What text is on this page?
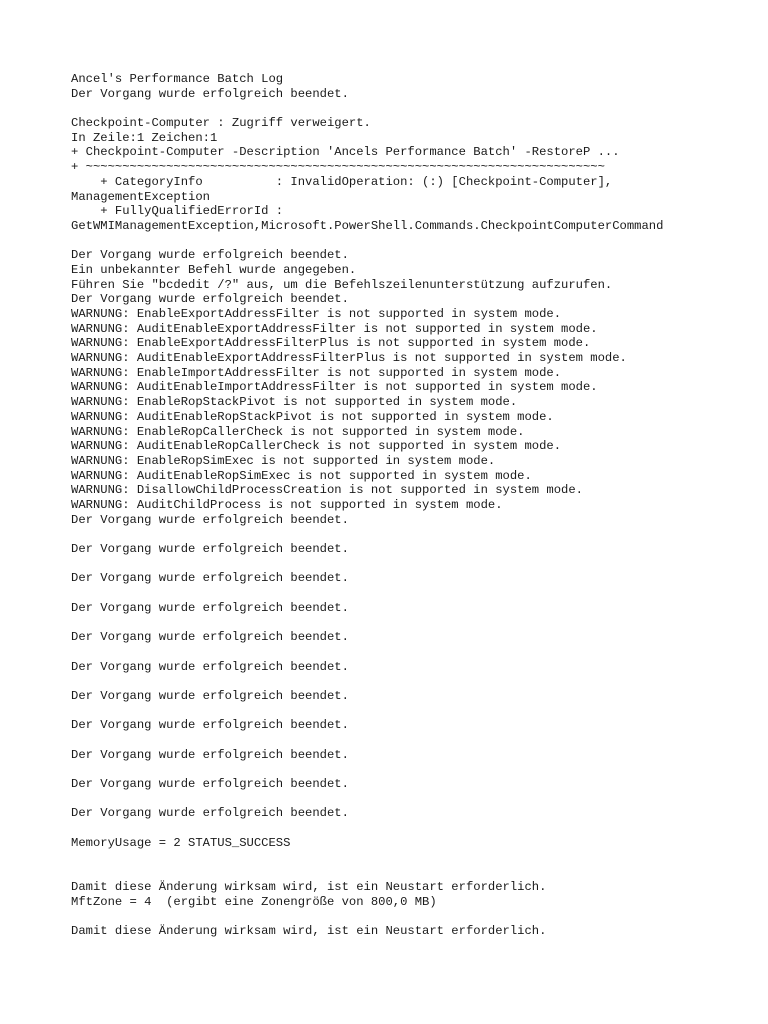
Ancel's Performance Batch Log
Der Vorgang wurde erfolgreich beendet.
Checkpoint-Computer : Zugriff verweigert.
In Zeile:1 Zeichen:1
+ Checkpoint-Computer -Description 'Ancels Performance Batch' -RestoreP ...
+ ~~~~~~~~~~~~~~~~~~~~~~~~~~~~~~~~~~~~~~~~~~~~~~~~~~~~~~~~~~~~~~~~~~~~~~~
+ CategoryInfo          : InvalidOperation: (:) [Checkpoint-Computer],
ManagementException
+ FullyQualifiedErrorId :
GetWMIManagementException,Microsoft.PowerShell.Commands.CheckpointComputerCommand
Der Vorgang wurde erfolgreich beendet.
Ein unbekannter Befehl wurde angegeben.
Führen Sie "bcdedit /?" aus, um die Befehlszeilenunterstützung aufzurufen.
Der Vorgang wurde erfolgreich beendet.
WARNUNG: EnableExportAddressFilter is not supported in system mode.
WARNUNG: AuditEnableExportAddressFilter is not supported in system mode.
WARNUNG: EnableExportAddressFilterPlus is not supported in system mode.
WARNUNG: AuditEnableExportAddressFilterPlus is not supported in system mode.
WARNUNG: EnableImportAddressFilter is not supported in system mode.
WARNUNG: AuditEnableImportAddressFilter is not supported in system mode.
WARNUNG: EnableRopStackPivot is not supported in system mode.
WARNUNG: AuditEnableRopStackPivot is not supported in system mode.
WARNUNG: EnableRopCallerCheck is not supported in system mode.
WARNUNG: AuditEnableRopCallerCheck is not supported in system mode.
WARNUNG: EnableRopSimExec is not supported in system mode.
WARNUNG: AuditEnableRopSimExec is not supported in system mode.
WARNUNG: DisallowChildProcessCreation is not supported in system mode.
WARNUNG: AuditChildProcess is not supported in system mode.
Der Vorgang wurde erfolgreich beendet.
Der Vorgang wurde erfolgreich beendet.
Der Vorgang wurde erfolgreich beendet.
Der Vorgang wurde erfolgreich beendet.
Der Vorgang wurde erfolgreich beendet.
Der Vorgang wurde erfolgreich beendet.
Der Vorgang wurde erfolgreich beendet.
Der Vorgang wurde erfolgreich beendet.
Der Vorgang wurde erfolgreich beendet.
Der Vorgang wurde erfolgreich beendet.
Der Vorgang wurde erfolgreich beendet.
MemoryUsage = 2 STATUS_SUCCESS
Damit diese Änderung wirksam wird, ist ein Neustart erforderlich.
MftZone = 4  (ergibt eine Zonengröße von 800,0 MB)
Damit diese Änderung wirksam wird, ist ein Neustart erforderlich.
